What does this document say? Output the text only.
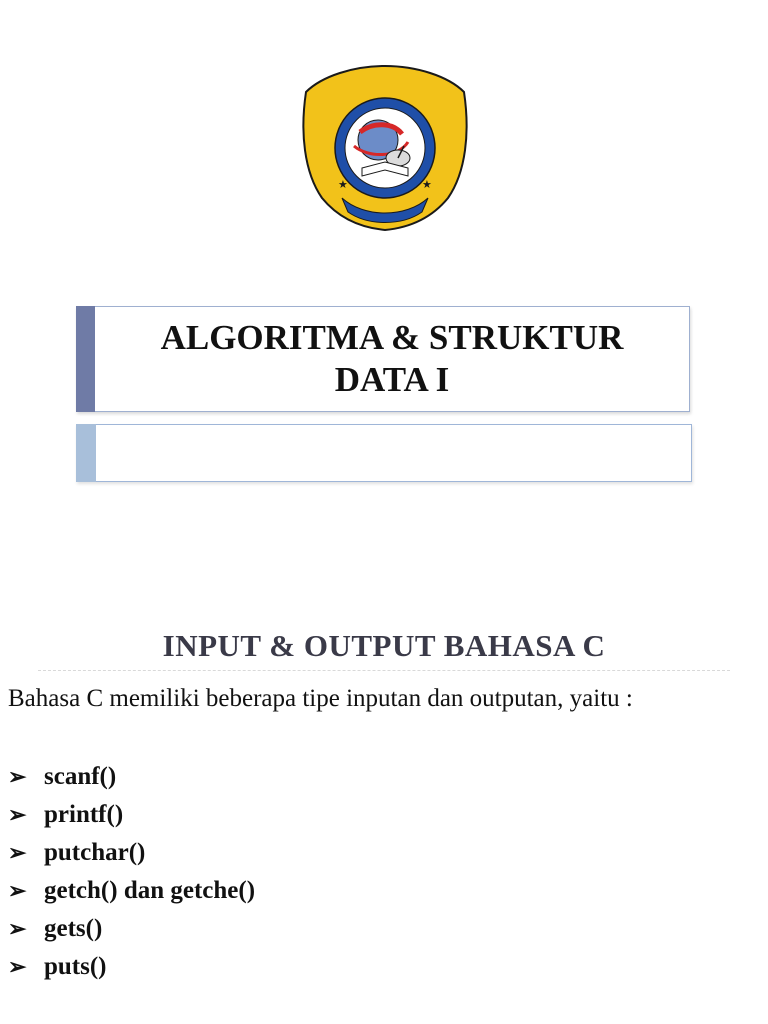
★	★
ALGORITMA & STRUKTUR
DATA I
INPUT & OUTPUT BAHASA C
Bahasa C memiliki beberapa tipe inputan dan outputan, yaitu :
➢ scanf()
➢ printf()
➢ putchar()
➢ getch() dan getche()
➢ gets()
➢ puts()
